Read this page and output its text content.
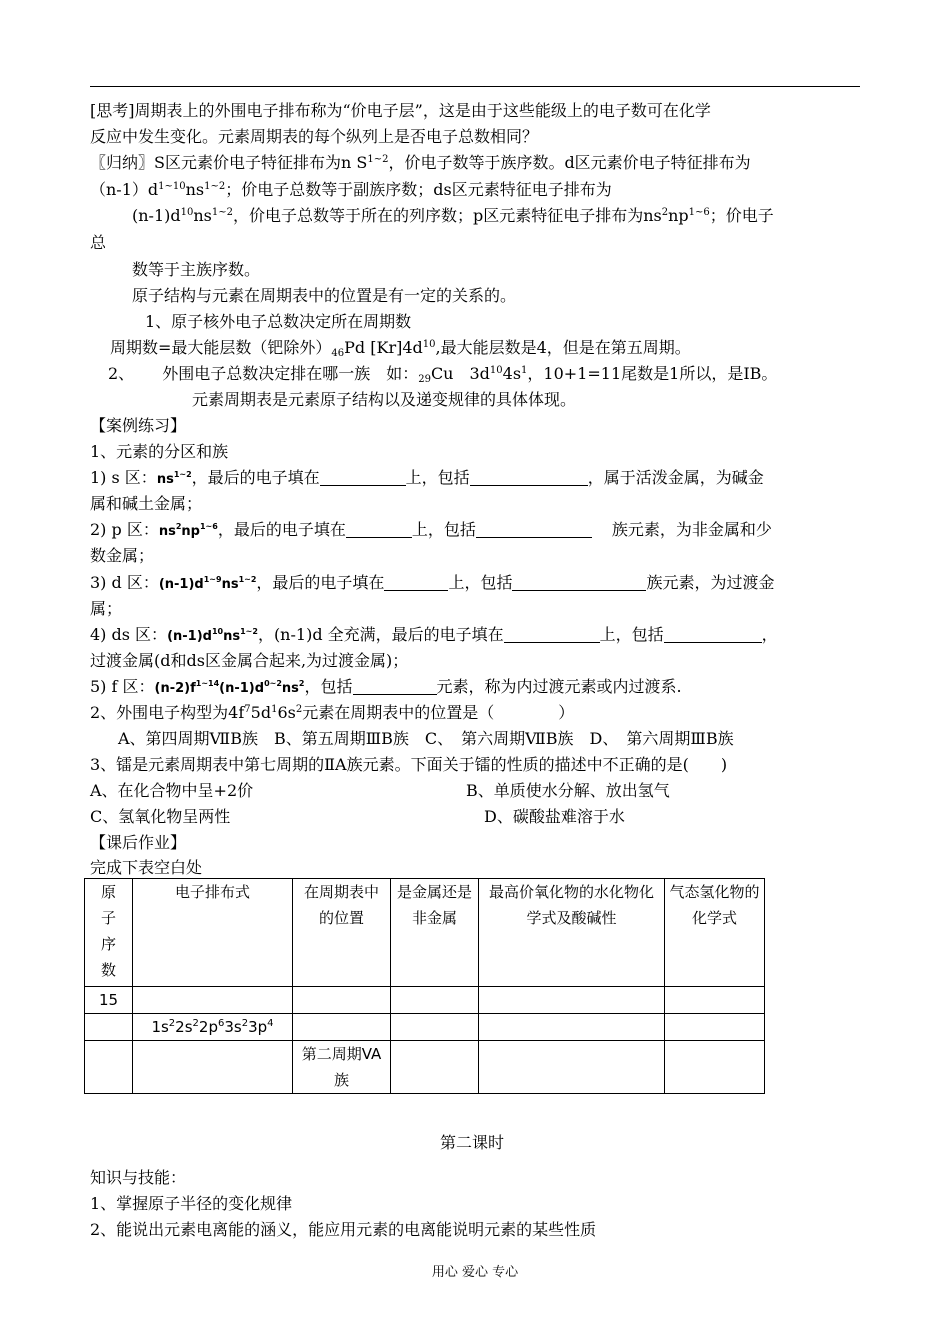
[思考]周期表上的外围电子排布称为“价电子层”，这是由于这些能级上的电子数可在化学
反应中发生变化。元素周期表的每个纵列上是否电子总数相同？
〖归纳〗S区元素价电子特征排布为n $S^{1\sim 2}$，价电子数等于族序数。d区元素价电子特征排布为
$(n-1)d^{1\sim 10}ns^{1\sim 2}$；价电子总数等于副族序数；ds区元素特征电子排布为
$(n-1)d^{10}ns^{1\sim 2}$，价电子总数等于所在的列序数；p区元素特征电子排布为$ns^2np^{1\sim 6}$；价电子
总
数等于主族序数。
原子结构与元素在周期表中的位置是有一定的关系的。
1、原子核外电子总数决定所在周期数
周期数=最大能层数（钯除外）$_{46}Pd$ $[Kr]4d^{10}$,最大能层数是4，但是在第五周期。
2、 外围电子总数决定排在哪一族　如：$_{29}$Cu　$3d^{10}4s^1$，10+1=11尾数是1所以，是IB。
元素周期表是元素原子结构以及递变规律的具体体现。
【案例练习】
1、元素的分区和族
1) s 区：$ns^{1\sim 2}$，最后的电子填在	上，包括	，属于活泼金属，为碱金
属和碱土金属；
2) p 区：$ns^2np^{1\sim 6}$，最后的电子填在	上，包括	族元素，为非金属和少
数金属；
3) d 区：$(n-1)d^{1\sim 9}ns^{1\sim 2}$，最后的电子填在	上，包括	族元素，为过渡金
属；
4) ds 区：$(n-1)d^{10}ns^{1\sim 2}$，(n-1)d 全充满，最后的电子填在	上，包括	，
过渡金属(d和ds区金属合起来,为过渡金属)；
5) f 区：$(n-2)f^{1\sim 14}(n-1)d^{0\sim 2}ns^2$，包括	元素，称为内过渡元素或内过渡系.
2、外围电子构型为$4f^75d^16s^2$元素在周期表中的位置是（　　　　）
A、第四周期ⅦB族　B、第五周期ⅢB族　C、　第六周期ⅦB族　D、　第六周期ⅢB族
3、镭是元素周期表中第七周期的ⅡA族元素。下面关于镭的性质的描述中不正确的是(　　)
A、在化合物中呈+2价	B、单质使水分解、放出氢气
C、氢氧化物呈两性	D、碳酸盐难溶于水
【课后作业】
完成下表空白处
原子序数	电子排布式	在周期表中的位置	是金属还是非金属	最高价氧化物的水化物化学式及酸碱性	气态氢化物的化学式
15					
	$1s^22s^22p^63s^23p^4$				
		第二周期VA族			
第二课时
知识与技能：
1、掌握原子半径的变化规律
2、能说出元素电离能的涵义，能应用元素的电离能说明元素的某些性质
用心 爱心 专心
